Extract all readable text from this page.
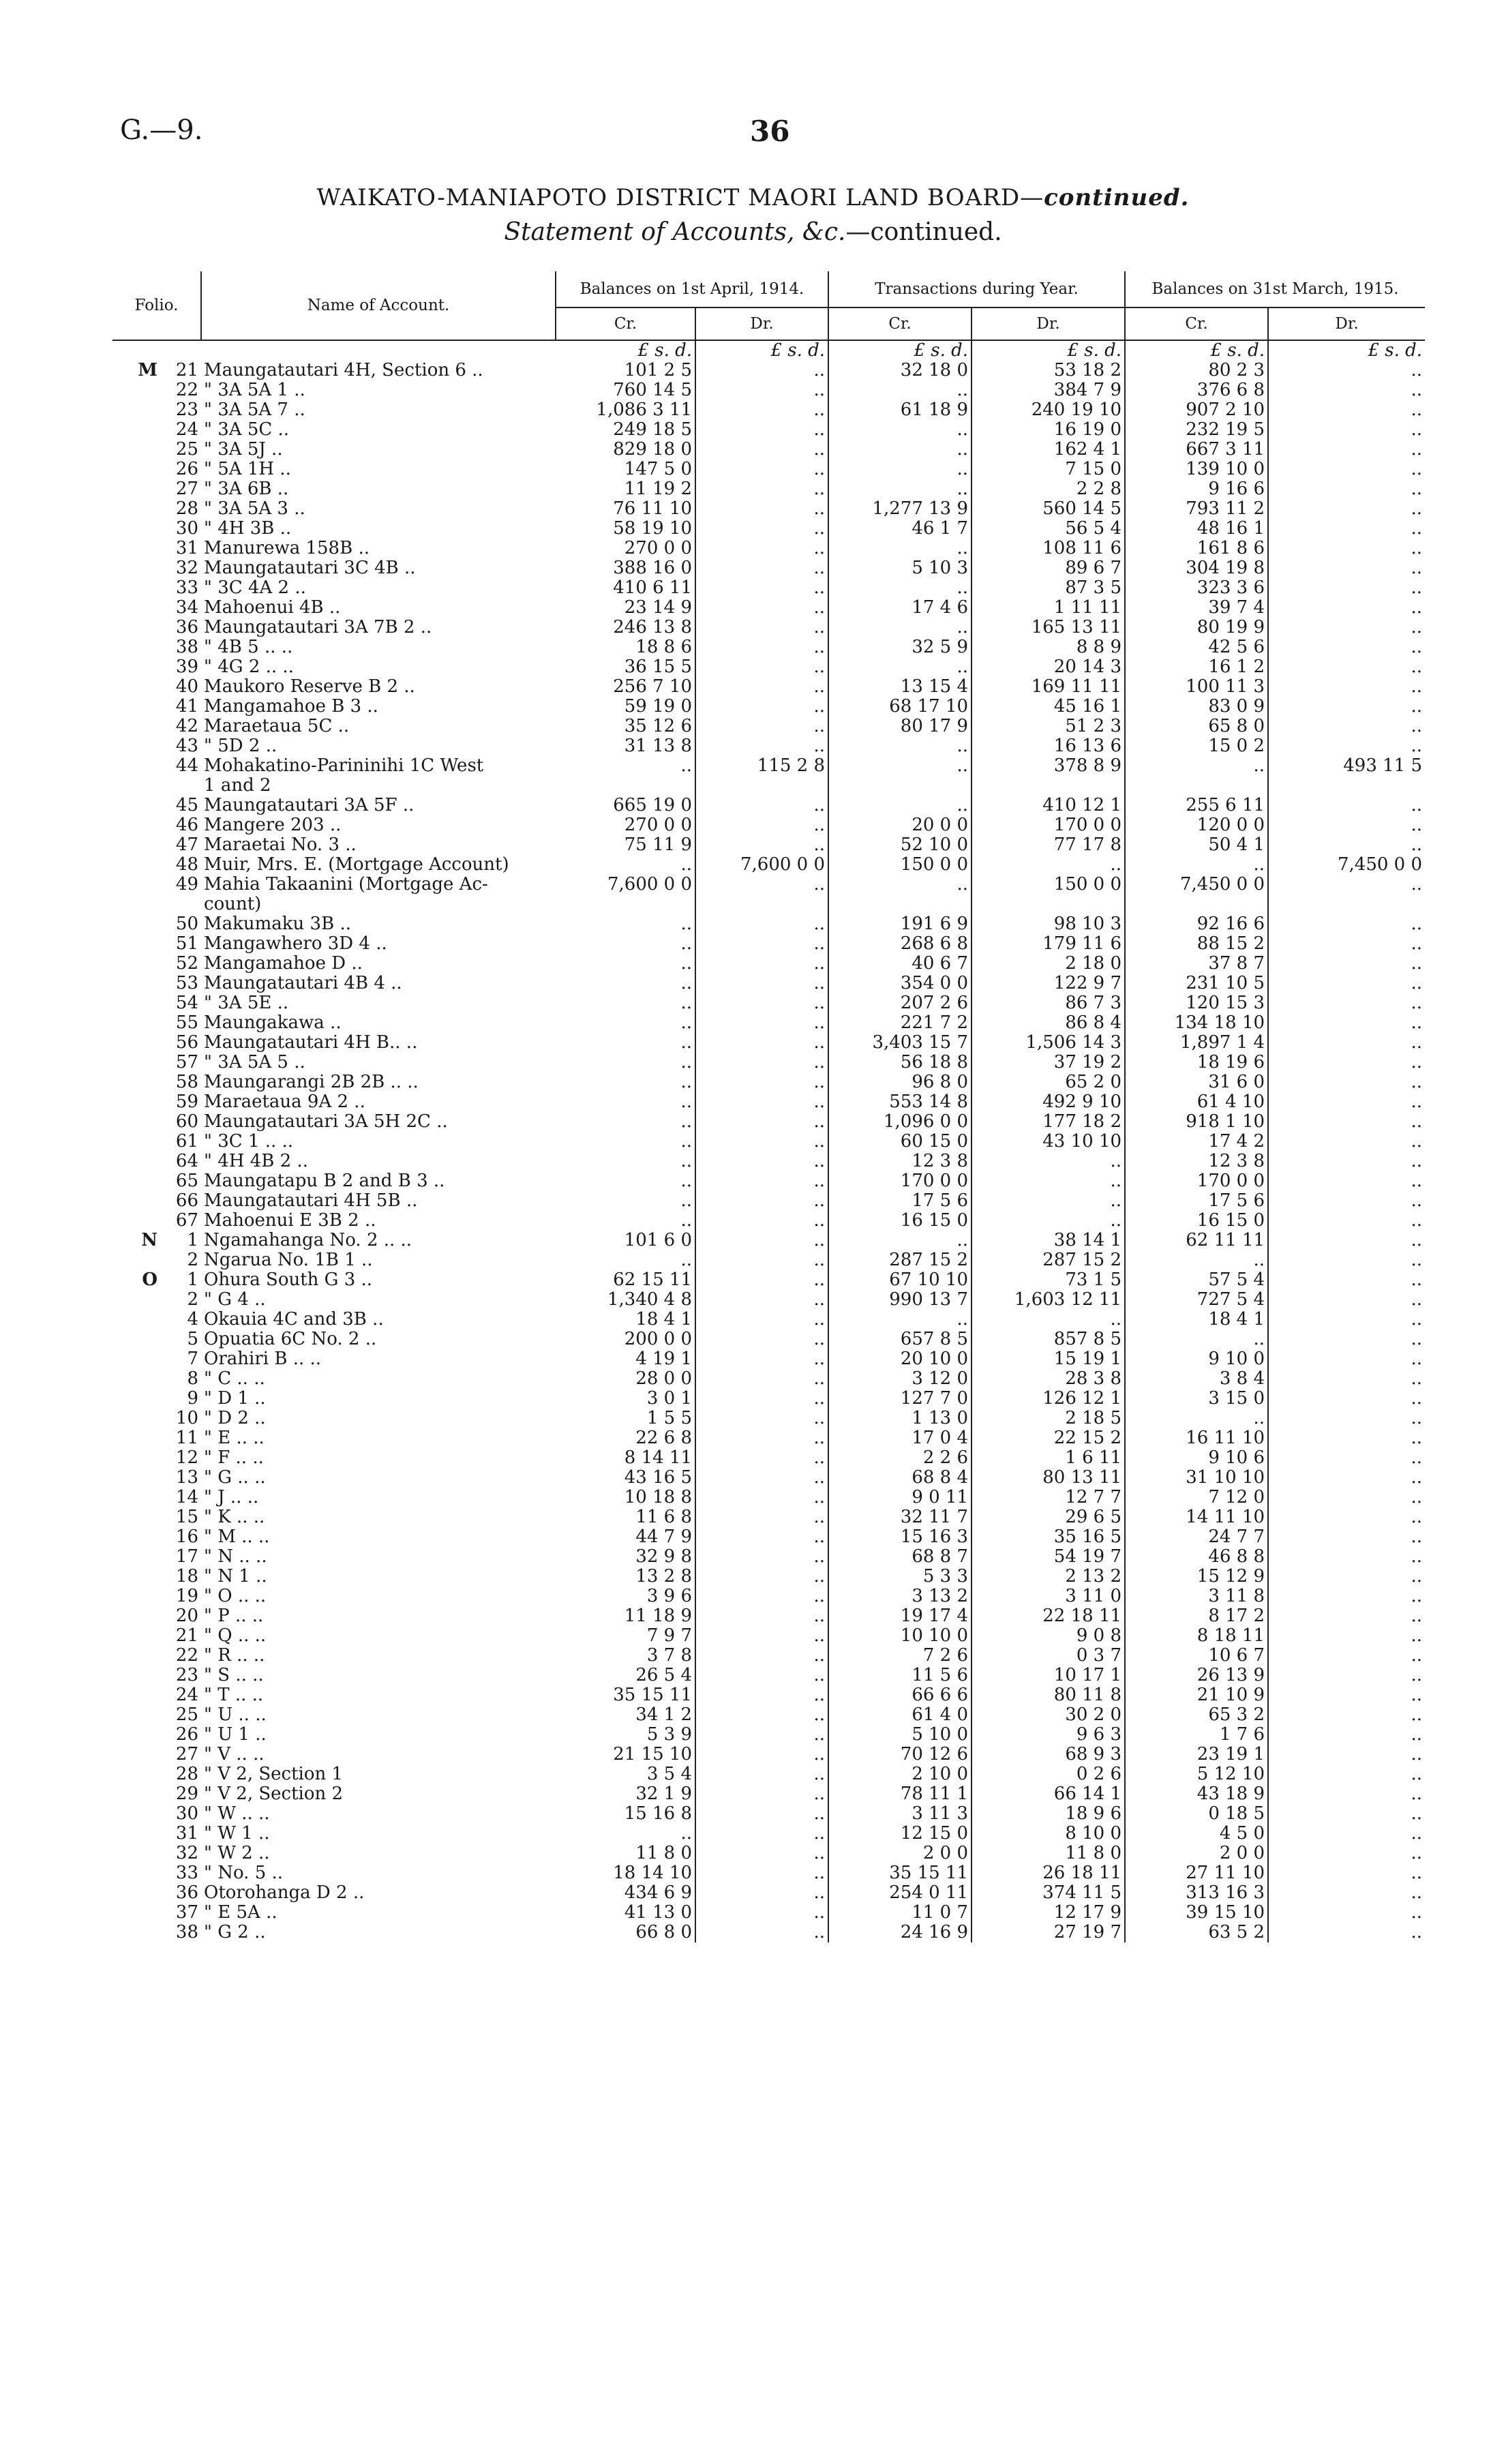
G.—9.	36
WAIKATO-MANIAPOTO DISTRICT MAORI LAND BOARD—continued.
Statement of Accounts, &c.—continued.
Folio.		Name of Account.	Balances on 1st April, 1914.		Transactions during Year.		Balances on 31st March, 1915.	
			Cr.	Dr.	Cr.	Dr.	Cr.	Dr.
			£ s. d.	£ s. d.	£ s. d.	£ s. d.	£ s. d.	£ s. d.
M	21	Maungatautari 4H, Section 6 ..	101 2 5	..	32 18 0	53 18 2	80 2 3	..
	22	" 3A 5A 1 ..	760 14 5	..	..	384 7 9	376 6 8	..
	23	" 3A 5A 7 ..	1,086 3 11	..	61 18 9	240 19 10	907 2 10	..
	24	" 3A 5C ..	249 18 5	..	..	16 19 0	232 19 5	..
	25	" 3A 5J ..	829 18 0	..	..	162 4 1	667 3 11	..
	26	" 5A 1H ..	147 5 0	..	..	7 15 0	139 10 0	..
	27	" 3A 6B ..	11 19 2	..	..	2 2 8	9 16 6	..
	28	" 3A 5A 3 ..	76 11 10	..	1,277 13 9	560 14 5	793 11 2	..
	30	" 4H 3B ..	58 19 10	..	46 1 7	56 5 4	48 16 1	..
	31	Manurewa 158B ..	270 0 0	..	..	108 11 6	161 8 6	..
	32	Maungatautari 3C 4B ..	388 16 0	..	5 10 3	89 6 7	304 19 8	..
	33	" 3C 4A 2 ..	410 6 11	..	..	87 3 5	323 3 6	..
	34	Mahoenui 4B ..	23 14 9	..	17 4 6	1 11 11	39 7 4	..
	36	Maungatautari 3A 7B 2 ..	246 13 8	..	..	165 13 11	80 19 9	..
	38	" 4B 5 .. ..	18 8 6	..	32 5 9	8 8 9	42 5 6	..
	39	" 4G 2 .. ..	36 15 5	..	..	20 14 3	16 1 2	..
	40	Maukoro Reserve B 2 ..	256 7 10	..	13 15 4	169 11 11	100 11 3	..
	41	Mangamahoe B 3 ..	59 19 0	..	68 17 10	45 16 1	83 0 9	..
	42	Maraetaua 5C ..	35 12 6	..	80 17 9	51 2 3	65 8 0	..
	43	" 5D 2 ..	31 13 8	..	..	16 13 6	15 0 2	..
	44	Mohakatino-Parininihi 1C West	..	115 2 8	..	378 8 9	..	493 11 5
		1 and 2						
	45	Maungatautari 3A 5F ..	665 19 0	..	..	410 12 1	255 6 11	..
	46	Mangere 203 ..	270 0 0	..	20 0 0	170 0 0	120 0 0	..
	47	Maraetai No. 3 ..	75 11 9	..	52 10 0	77 17 8	50 4 1	..
	48	Muir, Mrs. E. (Mortgage Account)	..	7,600 0 0	150 0 0	..	..	7,450 0 0
	49	Mahia Takaanini (Mortgage Ac-	7,600 0 0	..	..	150 0 0	7,450 0 0	..
		count)						
	50	Makumaku 3B ..	..	..	191 6 9	98 10 3	92 16 6	..
	51	Mangawhero 3D 4 ..	..	..	268 6 8	179 11 6	88 15 2	..
	52	Mangamahoe D ..	..	..	40 6 7	2 18 0	37 8 7	..
	53	Maungatautari 4B 4 ..	..	..	354 0 0	122 9 7	231 10 5	..
	54	" 3A 5E ..	..	..	207 2 6	86 7 3	120 15 3	..
	55	Maungakawa ..	..	..	221 7 2	86 8 4	134 18 10	..
	56	Maungatautari 4H B.. ..	..	..	3,403 15 7	1,506 14 3	1,897 1 4	..
	57	" 3A 5A 5 ..	..	..	56 18 8	37 19 2	18 19 6	..
	58	Maungarangi 2B 2B .. ..	..	..	96 8 0	65 2 0	31 6 0	..
	59	Maraetaua 9A 2 ..	..	..	553 14 8	492 9 10	61 4 10	..
	60	Maungatautari 3A 5H 2C ..	..	..	1,096 0 0	177 18 2	918 1 10	..
	61	" 3C 1 .. ..	..	..	60 15 0	43 10 10	17 4 2	..
	64	" 4H 4B 2 ..	..	..	12 3 8	..	12 3 8	..
	65	Maungatapu B 2 and B 3 ..	..	..	170 0 0	..	170 0 0	..
	66	Maungatautari 4H 5B ..	..	..	17 5 6	..	17 5 6	..
	67	Mahoenui E 3B 2 ..	..	..	16 15 0	..	16 15 0	..
N	1	Ngamahanga No. 2 .. ..	101 6 0	..	..	38 14 1	62 11 11	..
	2	Ngarua No. 1B 1 ..	..	..	287 15 2	287 15 2	..	..
O	1	Ohura South G 3 ..	62 15 11	..	67 10 10	73 1 5	57 5 4	..
	2	" G 4 ..	1,340 4 8	..	990 13 7	1,603 12 11	727 5 4	..
	4	Okauia 4C and 3B ..	18 4 1	..	..	..	18 4 1	..
	5	Opuatia 6C No. 2 ..	200 0 0	..	657 8 5	857 8 5	..	..
	7	Orahiri B .. ..	4 19 1	..	20 10 0	15 19 1	9 10 0	..
	8	" C .. ..	28 0 0	..	3 12 0	28 3 8	3 8 4	..
	9	" D 1 ..	3 0 1	..	127 7 0	126 12 1	3 15 0	..
	10	" D 2 ..	1 5 5	..	1 13 0	2 18 5	..	..
	11	" E .. ..	22 6 8	..	17 0 4	22 15 2	16 11 10	..
	12	" F .. ..	8 14 11	..	2 2 6	1 6 11	9 10 6	..
	13	" G .. ..	43 16 5	..	68 8 4	80 13 11	31 10 10	..
	14	" J .. ..	10 18 8	..	9 0 11	12 7 7	7 12 0	..
	15	" K .. ..	11 6 8	..	32 11 7	29 6 5	14 11 10	..
	16	" M .. ..	44 7 9	..	15 16 3	35 16 5	24 7 7	..
	17	" N .. ..	32 9 8	..	68 8 7	54 19 7	46 8 8	..
	18	" N 1 ..	13 2 8	..	5 3 3	2 13 2	15 12 9	..
	19	" O .. ..	3 9 6	..	3 13 2	3 11 0	3 11 8	..
	20	" P .. ..	11 18 9	..	19 17 4	22 18 11	8 17 2	..
	21	" Q .. ..	7 9 7	..	10 10 0	9 0 8	8 18 11	..
	22	" R .. ..	3 7 8	..	7 2 6	0 3 7	10 6 7	..
	23	" S .. ..	26 5 4	..	11 5 6	10 17 1	26 13 9	..
	24	" T .. ..	35 15 11	..	66 6 6	80 11 8	21 10 9	..
	25	" U .. ..	34 1 2	..	61 4 0	30 2 0	65 3 2	..
	26	" U 1 ..	5 3 9	..	5 10 0	9 6 3	1 7 6	..
	27	" V .. ..	21 15 10	..	70 12 6	68 9 3	23 19 1	..
	28	" V 2, Section 1	3 5 4	..	2 10 0	0 2 6	5 12 10	..
	29	" V 2, Section 2	32 1 9	..	78 11 1	66 14 1	43 18 9	..
	30	" W .. ..	15 16 8	..	3 11 3	18 9 6	0 18 5	..
	31	" W 1 ..	..	..	12 15 0	8 10 0	4 5 0	..
	32	" W 2 ..	11 8 0	..	2 0 0	11 8 0	2 0 0	..
	33	" No. 5 ..	18 14 10	..	35 15 11	26 18 11	27 11 10	..
	36	Otorohanga D 2 ..	434 6 9	..	254 0 11	374 11 5	313 16 3	..
	37	" E 5A ..	41 13 0	..	11 0 7	12 17 9	39 15 10	..
	38	" G 2 ..	66 8 0	..	24 16 9	27 19 7	63 5 2	..
